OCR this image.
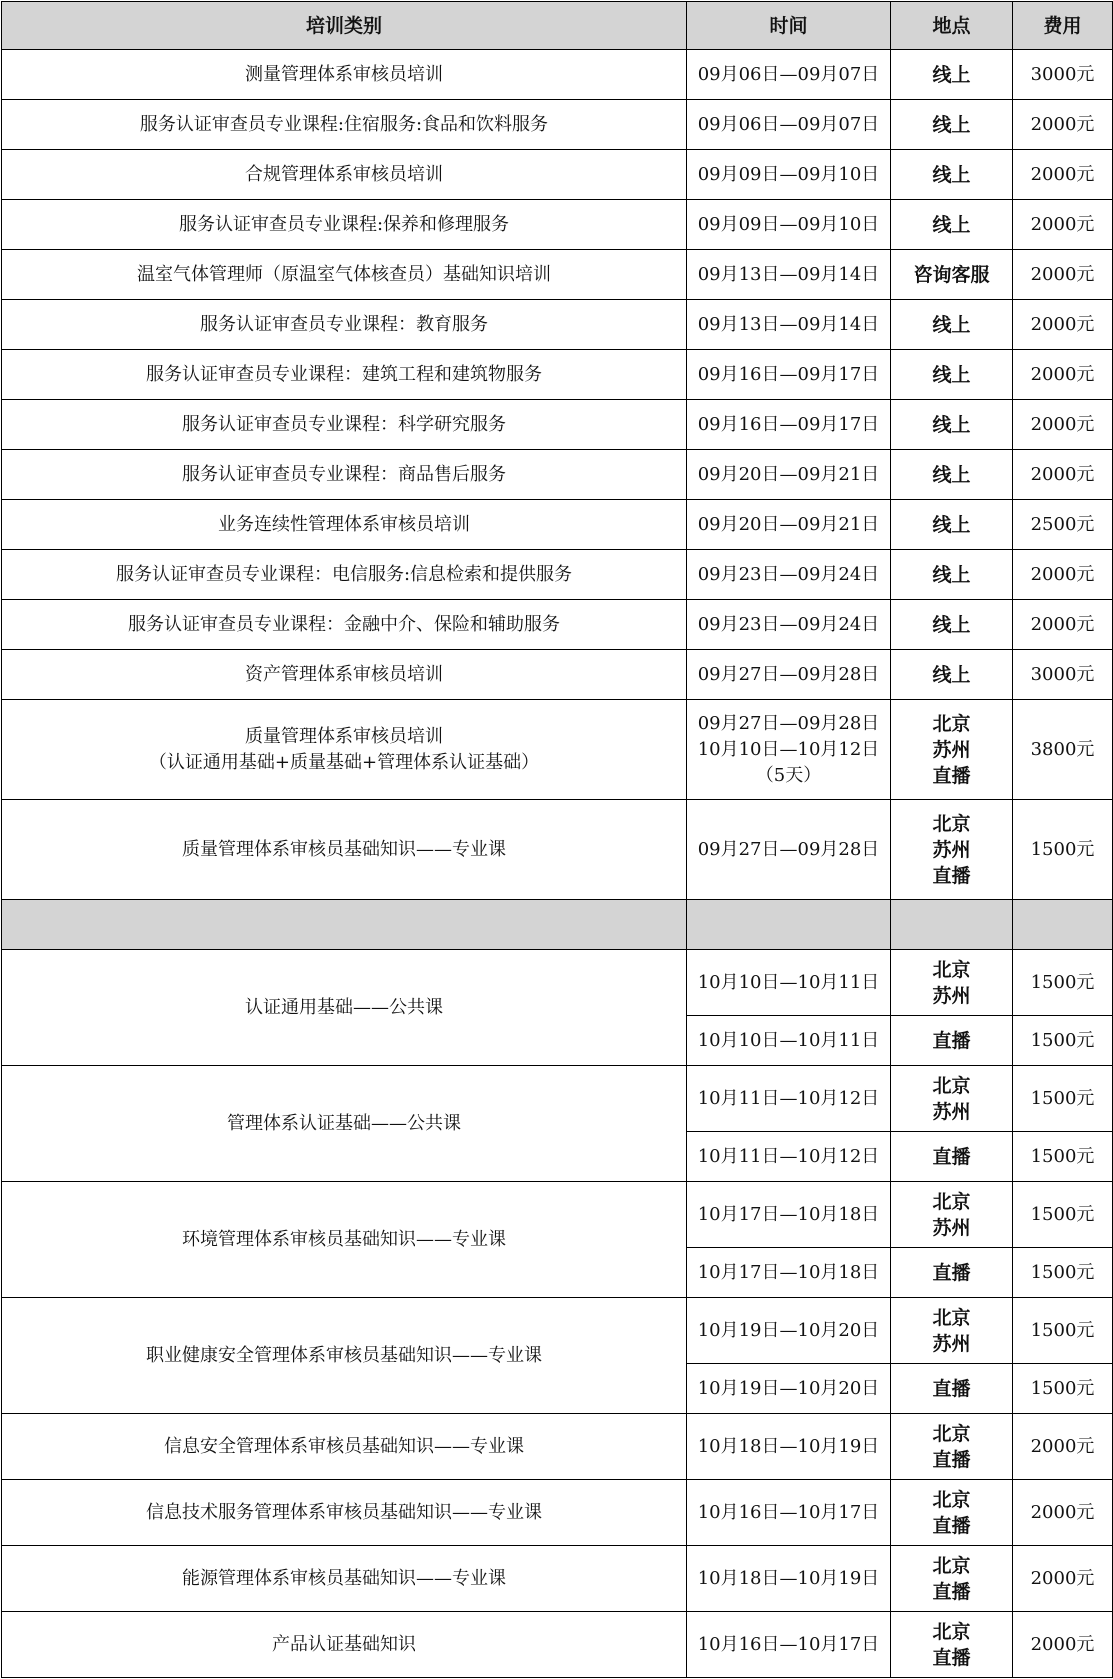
培训类别	时间	地点	费用

测量管理体系审核员培训	09月06日—09月07日	线上	3000元

服务认证审查员专业课程:住宿服务:食品和饮料服务	09月06日—09月07日	线上	2000元

合规管理体系审核员培训	09月09日—09月10日	线上	2000元

服务认证审查员专业课程:保养和修理服务	09月09日—09月10日	线上	2000元

温室气体管理师（原温室气体核查员）基础知识培训	09月13日—09月14日	咨询客服	2000元

服务认证审查员专业课程：教育服务	09月13日—09月14日	线上	2000元

服务认证审查员专业课程：建筑工程和建筑物服务	09月16日—09月17日	线上	2000元

服务认证审查员专业课程：科学研究服务	09月16日—09月17日	线上	2000元

服务认证审查员专业课程：商品售后服务	09月20日—09月21日	线上	2000元

业务连续性管理体系审核员培训	09月20日—09月21日	线上	2500元

服务认证审查员专业课程：电信服务:信息检索和提供服务	09月23日—09月24日	线上	2000元

服务认证审查员专业课程：金融中介、保险和辅助服务	09月23日—09月24日	线上	2000元

资产管理体系审核员培训	09月27日—09月28日	线上	3000元

质量管理体系审核员培训
（认证通用基础+质量基础+管理体系认证基础）	09月27日—09月28日
10月10日—10月12日
（5天）	北京
苏州
直播	3800元

质量管理体系审核员基础知识——专业课	09月27日—09月28日	北京
苏州
直播	1500元

认证通用基础——公共课	10月10日—10月11日	北京
苏州	1500元
	10月10日—10月11日	直播	1500元
管理体系认证基础——公共课	10月11日—10月12日	北京
苏州	1500元
	10月11日—10月12日	直播	1500元
环境管理体系审核员基础知识——专业课	10月17日—10月18日	北京
苏州	1500元
	10月17日—10月18日	直播	1500元
职业健康安全管理体系审核员基础知识——专业课	10月19日—10月20日	北京
苏州	1500元
	10月19日—10月20日	直播	1500元
信息安全管理体系审核员基础知识——专业课	10月18日—10月19日	北京
直播	2000元
信息技术服务管理体系审核员基础知识——专业课	10月16日—10月17日	北京
直播	2000元
能源管理体系审核员基础知识——专业课	10月18日—10月19日	北京
直播	2000元
产品认证基础知识	10月16日—10月17日	北京
直播	2000元
